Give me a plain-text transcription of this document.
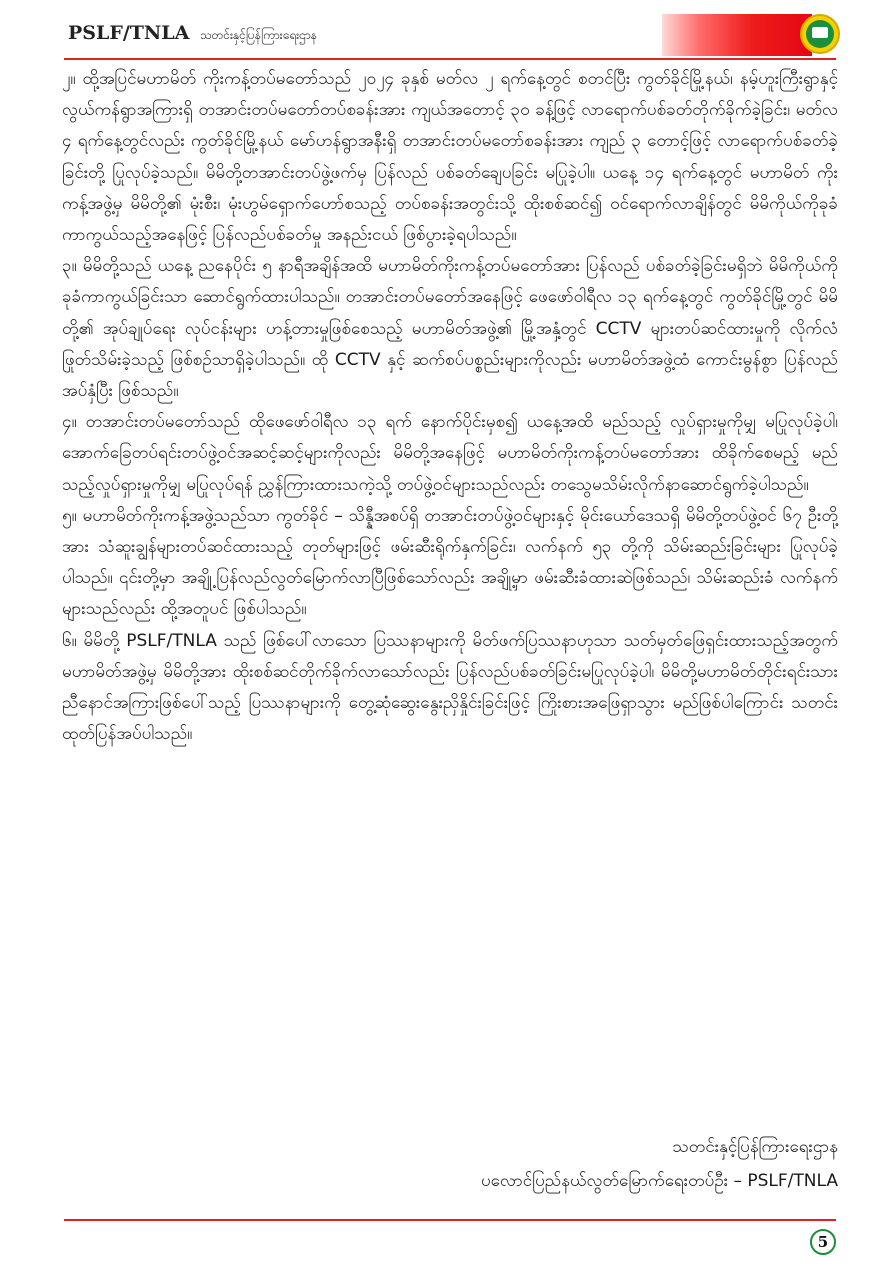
PSLF/TNLA သတင်းနှင့်ပြန်ကြားရေးဌာန

၂။ ထို့အပြင်မဟာမိတ် ကိုးကန့်တပ်မတော်သည် ၂၀၂၄ ခုနှစ် မတ်လ ၂ ရက်နေ့တွင် စတင်ပြီး ကွတ်ခိုင်မြို့နယ်၊ နမ့်ဟူးကြီးရွာနှင့် လွယ်ကန်ရွာအကြားရှိ တအာင်းတပ်မတော်တပ်စခန်းအား ကျယ်အတောင့် ၃၀ ခန့်ဖြင့် လာရောက်ပစ်ခတ်တိုက်ခိုက်ခဲ့ခြင်း၊ မတ်လ ၄ ရက်နေ့တွင်လည်း ကွတ်ခိုင်မြို့နယ် မော်ဟန်ရွာအနီးရှိ တအာင်းတပ်မတော်စခန်းအား ကျည် ၃ တောင့်ဖြင့် လာရောက်ပစ်ခတ်ခဲ့ခြင်းတို့ ပြုလုပ်ခဲ့သည်။ မိမိတို့တအာင်းတပ်ဖွဲ့ဖက်မှ ပြန်လည် ပစ်ခတ်ချေပခြင်း မပြုခဲ့ပါ။ ယနေ့ ၁၄ ရက်နေ့တွင် မဟာမိတ် ကိုးကန့်အဖွဲ့မှ မိမိတို့၏ မုံးစီး၊ မုံးဟွမ်ရှောက်ဟော်စသည့် တပ်စခန်းအတွင်းသို့ ထိုးစစ်ဆင်၍ ဝင်ရောက်လာချိန်တွင် မိမိကိုယ်ကိုခုခံကာကွယ်သည့်အနေဖြင့် ပြန်လည်ပစ်ခတ်မှု အနည်းငယ် ဖြစ်ပွားခဲ့ရပါသည်။

၃။ မိမိတို့သည် ယနေ့ ညနေပိုင်း ၅ နာရီအချိန်အထိ မဟာမိတ်ကိုးကန့်တပ်မတော်အား ပြန်လည် ပစ်ခတ်ခဲ့ခြင်းမရှိဘဲ မိမိကိုယ်ကို ခုခံကာကွယ်ခြင်းသာ ဆောင်ရွက်ထားပါသည်။ တအာင်းတပ်မတော်အနေဖြင့် ဖေဖော်ဝါရီလ ၁၃ ရက်နေ့တွင် ကွတ်ခိုင်မြို့တွင် မိမိတို့၏ အုပ်ချုပ်ရေး လုပ်ငန်းများ ဟန့်တားမှုဖြစ်စေသည့် မဟာမိတ်အဖွဲ့၏ မြို့အနှံ့တွင် CCTV များတပ်ဆင်ထားမှုကို လိုက်လံ ဖြုတ်သိမ်းခဲ့သည့် ဖြစ်စဉ်သာရှိခဲ့ပါသည်။ ထို CCTV နှင့် ဆက်စပ်ပစ္စည်းများကိုလည်း မဟာမိတ်အဖွဲ့ထံ ကောင်းမွန်စွာ ပြန်လည်အပ်နှံပြီး ဖြစ်သည်။

၄။ တအာင်းတပ်မတော်သည် ထိုဖေဖော်ဝါရီလ ၁၃ ရက် နောက်ပိုင်းမှစ၍ ယနေ့အထိ မည်သည့် လှုပ်ရှားမှုကိုမျှ မပြုလုပ်ခဲ့ပါ၊ အောက်ခြေတပ်ရင်းတပ်ဖွဲ့ဝင်အဆင့်ဆင့်များကိုလည်း မိမိတို့အနေဖြင့် မဟာမိတ်ကိုးကန့်တပ်မတော်အား ထိခိုက်စေမည့် မည်သည့်လှုပ်ရှားမှုကိုမျှ မပြုလုပ်ရန် ညွှန်ကြားထားသကဲ့သို့ တပ်ဖွဲ့ဝင်များသည်လည်း တသွေမသိမ်းလိုက်နာဆောင်ရွက်ခဲ့ပါသည်။

၅။ မဟာမိတ်ကိုးကန့်အဖွဲ့သည်သာ ကွတ်ခိုင် – သိန္နီအစပ်ရှိ တအာင်းတပ်ဖွဲ့ဝင်များနှင့် မိုင်းယော်ဒေသရှိ မိမိတို့တပ်ဖွဲ့ဝင် ၆၇ ဦးတို့အား သံဆူးချွန်များတပ်ဆင်ထားသည့် တုတ်များဖြင့် ဖမ်းဆီးရိုက်နှက်ခြင်း၊ လက်နက် ၅၃ တို့ကို သိမ်းဆည်းခြင်းများ ပြုလုပ်ခဲ့ပါသည်။ ၎င်းတို့မှာ အချို့ပြန်လည်လွတ်မြောက်လာပြီဖြစ်သော်လည်း အချို့မှာ ဖမ်းဆီးခံထားဆဲဖြစ်သည်၊ သိမ်းဆည်းခံ လက်နက်များသည်လည်း ထို့အတူပင် ဖြစ်ပါသည်။

၆။ မိမိတို့ PSLF/TNLA သည် ဖြစ်ပေါ်လာသော ပြဿနာများကို မိတ်ဖက်ပြဿနာဟုသာ သတ်မှတ်ဖြေရှင်းထားသည့်အတွက် မဟာမိတ်အဖွဲ့မှ မိမိတို့အား ထိုးစစ်ဆင်တိုက်ခိုက်လာသော်လည်း ပြန်လည်ပစ်ခတ်ခြင်းမပြုလုပ်ခဲ့ပါ၊ မိမိတို့မဟာမိတ်တိုင်းရင်းသားညီနောင်အကြားဖြစ်ပေါ်သည့် ပြဿနာများကို တွေ့ဆုံဆွေးနွေးညှိနှိုင်းခြင်းဖြင့် ကြိုးစားအဖြေရှာသွား မည်ဖြစ်ပါကြောင်း သတင်းထုတ်ပြန်အပ်ပါသည်။

သတင်းနှင့်ပြန်ကြားရေးဌာန
ပလောင်ပြည်နယ်လွတ်မြောက်ရေးတပ်ဦး – PSLF/TNLA
5
